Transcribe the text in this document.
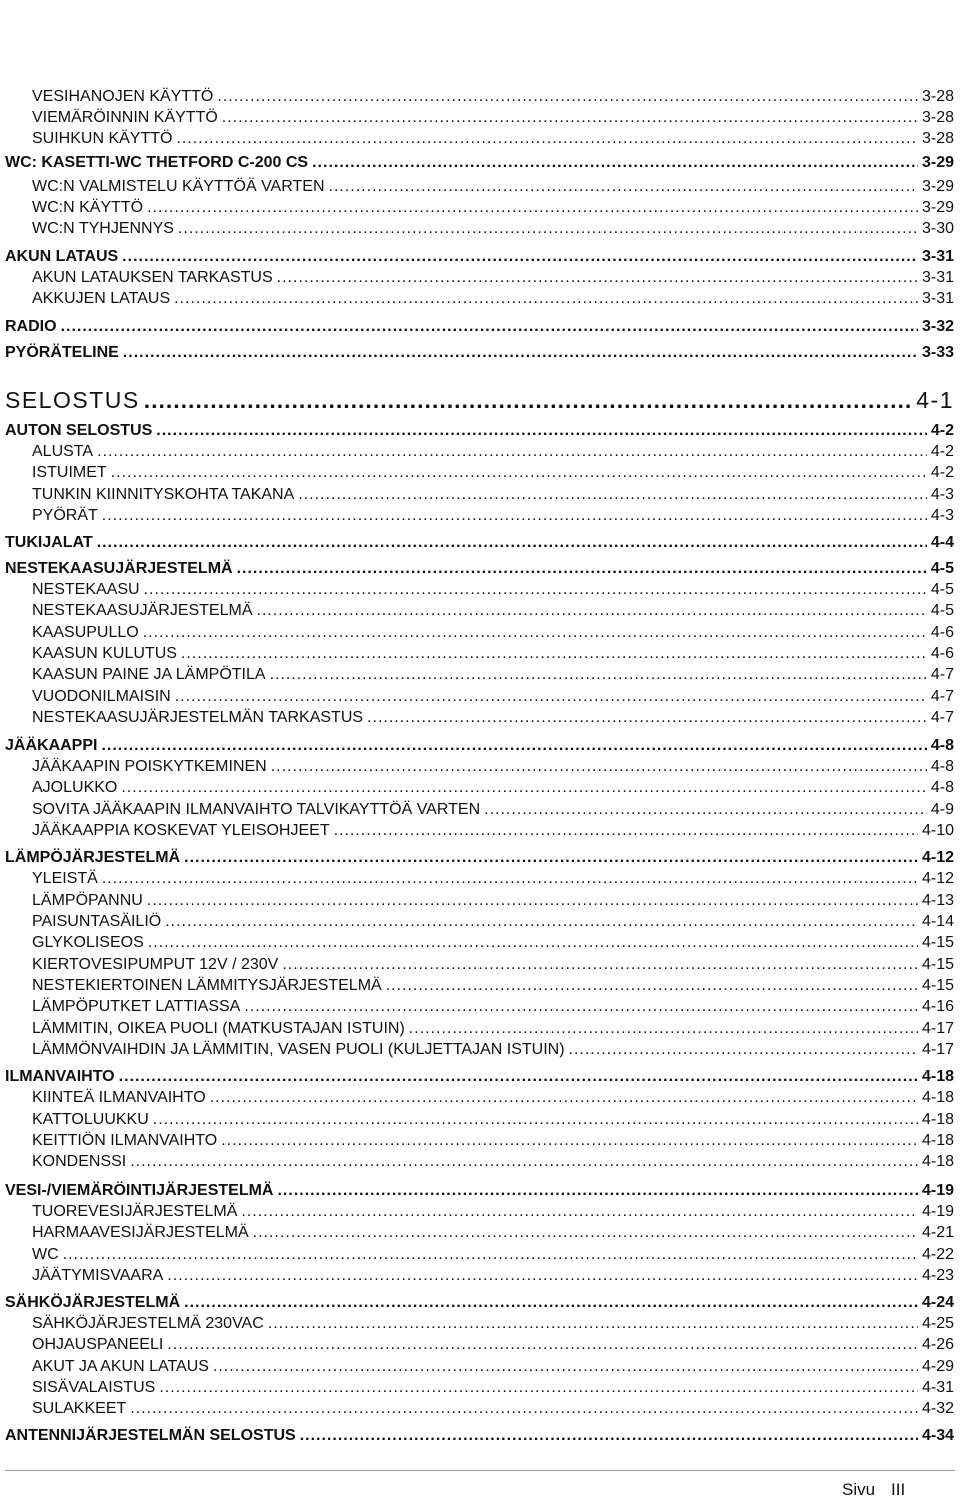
VESIHANOJEN KÄYTTÖ .....	3-28
VIEMÄRÖINNIN KÄYTTÖ .....	3-28
SUIHKUN KÄYTTÖ .....	3-28
WC: KASETTI-WC THETFORD C-200 CS .....	3-29
WC:N VALMISTELU KÄYTTÖÄ VARTEN .....	3-29
WC:N KÄYTTÖ .....	3-29
WC:N TYHJENNYS .....	3-30
AKUN LATAUS .....	3-31
AKUN LATAUKSEN TARKASTUS .....	3-31
AKKUJEN LATAUS .....	3-31
RADIO .....	3-32
PYÖRÄTELINE .....	3-33
SELOSTUS .....	4-1
AUTON SELOSTUS .....	4-2
ALUSTA .....	4-2
ISTUIMET .....	4-2
TUNKIN KIINNITYSKOHTA TAKANA .....	4-3
PYÖRÄT .....	4-3
TUKIJALAT .....	4-4
NESTEKAASUJÄRJESTELMÄ .....	4-5
NESTEKAASU .....	4-5
NESTEKAASUJÄRJESTELMÄ .....	4-5
KAASUPULLO .....	4-6
KAASUN KULUTUS .....	4-6
KAASUN PAINE JA LÄMPÖTILA .....	4-7
VUODONILMAISIN .....	4-7
NESTEKAASUJÄRJESTELMÄN TARKASTUS .....	4-7
JÄÄKAAPPI .....	4-8
JÄÄKAAPIN POISKYTKEMINEN .....	4-8
AJOLUKKO .....	4-8
SOVITA JÄÄKAAPIN ILMANVAIHTO TALVIKAYTTÖÄ VARTEN .....	4-9
JÄÄKAAPPIA KOSKEVAT YLEISOHJEET .....	4-10
LÄMPÖJÄRJESTELMÄ .....	4-12
YLEISTÄ .....	4-12
LÄMPÖPANNU .....	4-13
PAISUNTASÄILIÖ .....	4-14
GLYKOLISEOS .....	4-15
KIERTOVESIPUMPUT 12V / 230V .....	4-15
NESTEKIERTOINEN LÄMMITYSJÄRJESTELMÄ .....	4-15
LÄMPÖPUTKET LATTIASSA .....	4-16
LÄMMITIN, OIKEA PUOLI (MATKUSTAJAN ISTUIN) .....	4-17
LÄMMÖNVAIHDIN JA LÄMMITIN, VASEN PUOLI (KULJETTAJAN ISTUIN) .....	4-17
ILMANVAIHTO .....	4-18
KIINTEÄ ILMANVAIHTO .....	4-18
KATTOLUUKKU .....	4-18
KEITTIÖN ILMANVAIHTO .....	4-18
KONDENSSI .....	4-18
VESI-/VIEMÄRÖINTIJÄRJESTELMÄ .....	4-19
TUOREVESIJÄRJESTELMÄ .....	4-19
HARMAAVESIJÄRJESTELMÄ .....	4-21
WC .....	4-22
JÄÄTYMISVAARA .....	4-23
SÄHKÖJÄRJESTELMÄ .....	4-24
SÄHKÖJÄRJESTELMÄ 230VAC .....	4-25
OHJAUSPANEELI .....	4-26
AKUT JA AKUN LATAUS .....	4-29
SISÄVALAISTUS .....	4-31
SULAKKEET .....	4-32
ANTENNIJÄRJESTELMÄN SELOSTUS .....	4-34
Sivu III
